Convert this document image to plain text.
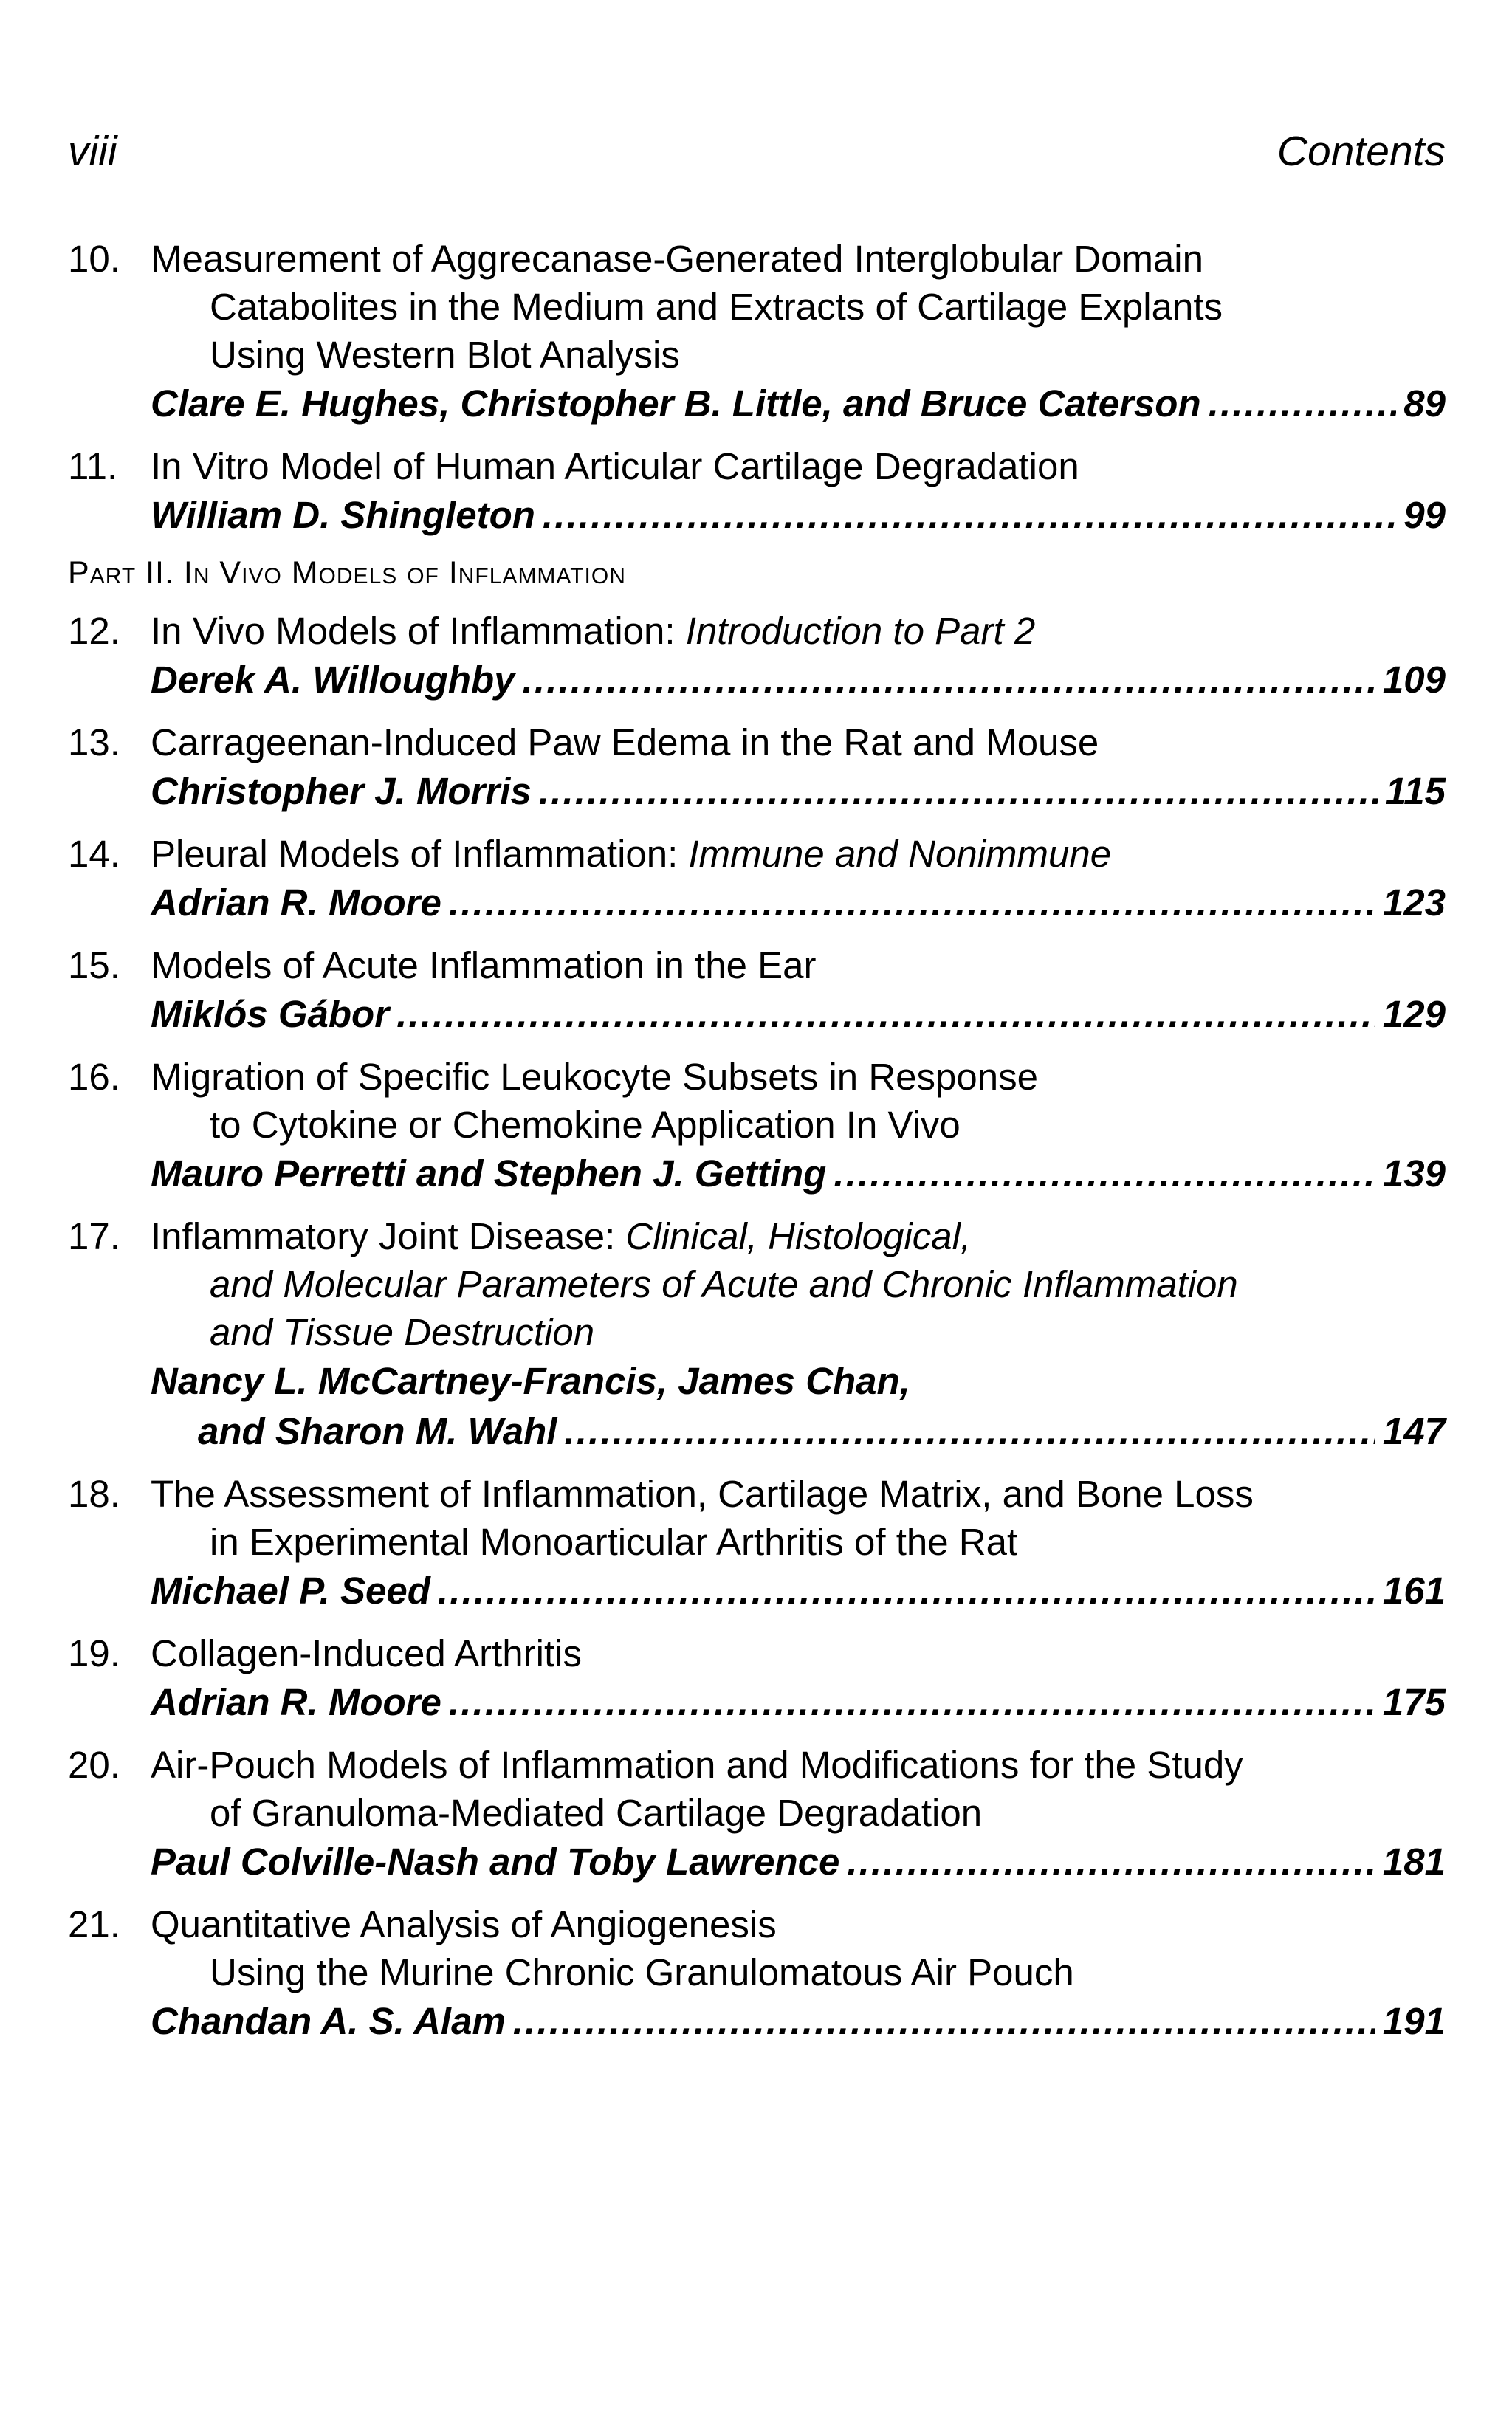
viii	Contents
10. Measurement of Aggrecanase-Generated Interglobular Domain
Catabolites in the Medium and Extracts of Cartilage Explants
Using Western Blot Analysis
Clare E. Hughes, Christopher B. Little, and Bruce Caterson . . .	89
11. In Vitro Model of Human Articular Cartilage Degradation
William D. Shingleton . . .	99
Part II. In Vivo Models of Inflammation
12. In Vivo Models of Inflammation: Introduction to Part 2
Derek A. Willoughby . . .	109
13. Carrageenan-Induced Paw Edema in the Rat and Mouse
Christopher J. Morris . . .	115
14. Pleural Models of Inflammation: Immune and Nonimmune
Adrian R. Moore . . .	123
15. Models of Acute Inflammation in the Ear
Miklós Gábor . . .	129
16. Migration of Specific Leukocyte Subsets in Response
to Cytokine or Chemokine Application In Vivo
Mauro Perretti and Stephen J. Getting . . .	139
17. Inflammatory Joint Disease: Clinical, Histological,
and Molecular Parameters of Acute and Chronic Inflammation
and Tissue Destruction
Nancy L. McCartney-Francis, James Chan,
and Sharon M. Wahl . . .	147
18. The Assessment of Inflammation, Cartilage Matrix, and Bone Loss
in Experimental Monoarticular Arthritis of the Rat
Michael P. Seed . . .	161
19. Collagen-Induced Arthritis
Adrian R. Moore . . .	175
20. Air-Pouch Models of Inflammation and Modifications for the Study
of Granuloma-Mediated Cartilage Degradation
Paul Colville-Nash and Toby Lawrence . . .	181
21. Quantitative Analysis of Angiogenesis
Using the Murine Chronic Granulomatous Air Pouch
Chandan A. S. Alam . . .	191
